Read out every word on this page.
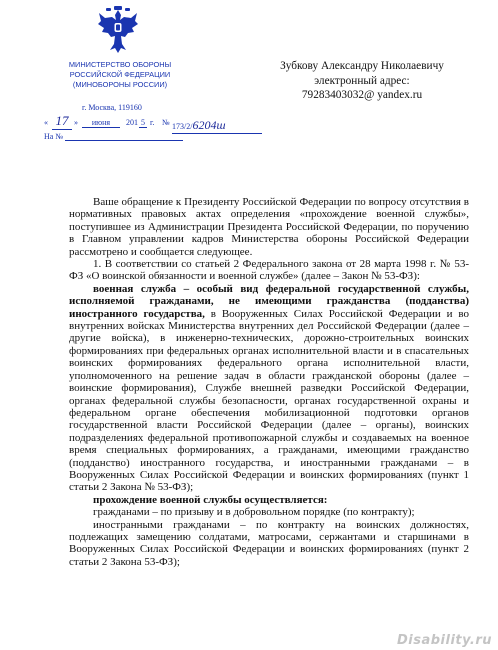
МИНИСТЕРСТВО ОБОРОНЫ
РОССИЙСКОЙ ФЕДЕРАЦИИ
(МИНОБОРОНЫ РОССИИ)
г. Москва, 119160
« 17 »	июня	201 5 г. № 173/2/6204ш
На №
Зубкову Александру Николаевичу
электронный адрес:
79283403032@ yandex.ru

Ваше обращение к Президенту Российской Федерации по вопросу отсутствия в нормативных правовых актах определения «прохождение военной службы», поступившее из Администрации Президента Российской Федерации, по поручению в Главном управлении кадров Министерства обороны Российской Федерации рассмотрено и сообщается следующее.

1. В соответствии со статьей 2 Федерального закона от 28 марта 1998 г. № 53-ФЗ «О воинской обязанности и военной службе» (далее – Закон № 53-ФЗ):

военная служба – особый вид федеральной государственной службы, исполняемой гражданами, не имеющими гражданства (подданства) иностранного государства, в Вооруженных Силах Российской Федерации и во внутренних войсках Министерства внутренних дел Российской Федерации (далее – другие войска), в инженерно-технических, дорожно-строительных воинских формированиях при федеральных органах исполнительной власти и в спасательных воинских формированиях федерального органа исполнительной власти, уполномоченного на решение задач в области гражданской обороны (далее – воинские формирования), Службе внешней разведки Российской Федерации, органах федеральной службы безопасности, органах государственной охраны и федеральном органе обеспечения мобилизационной подготовки органов государственной власти Российской Федерации (далее – органы), воинских подразделениях федеральной противопожарной службы и создаваемых на военное время специальных формированиях, а гражданами, имеющими гражданство (подданство) иностранного государства, и иностранными гражданами – в Вооруженных Силах Российской Федерации и воинских формированиях (пункт 1 статьи 2 Закона № 53-ФЗ);

прохождение военной службы осуществляется:

гражданами – по призыву и в добровольном порядке (по контракту);

иностранными гражданами – по контракту на воинских должностях, подлежащих замещению солдатами, матросами, сержантами и старшинами в Вооруженных Силах Российской Федерации и воинских формированиях (пункт 2 статьи 2 Закона 53-ФЗ);

Disability.ru
